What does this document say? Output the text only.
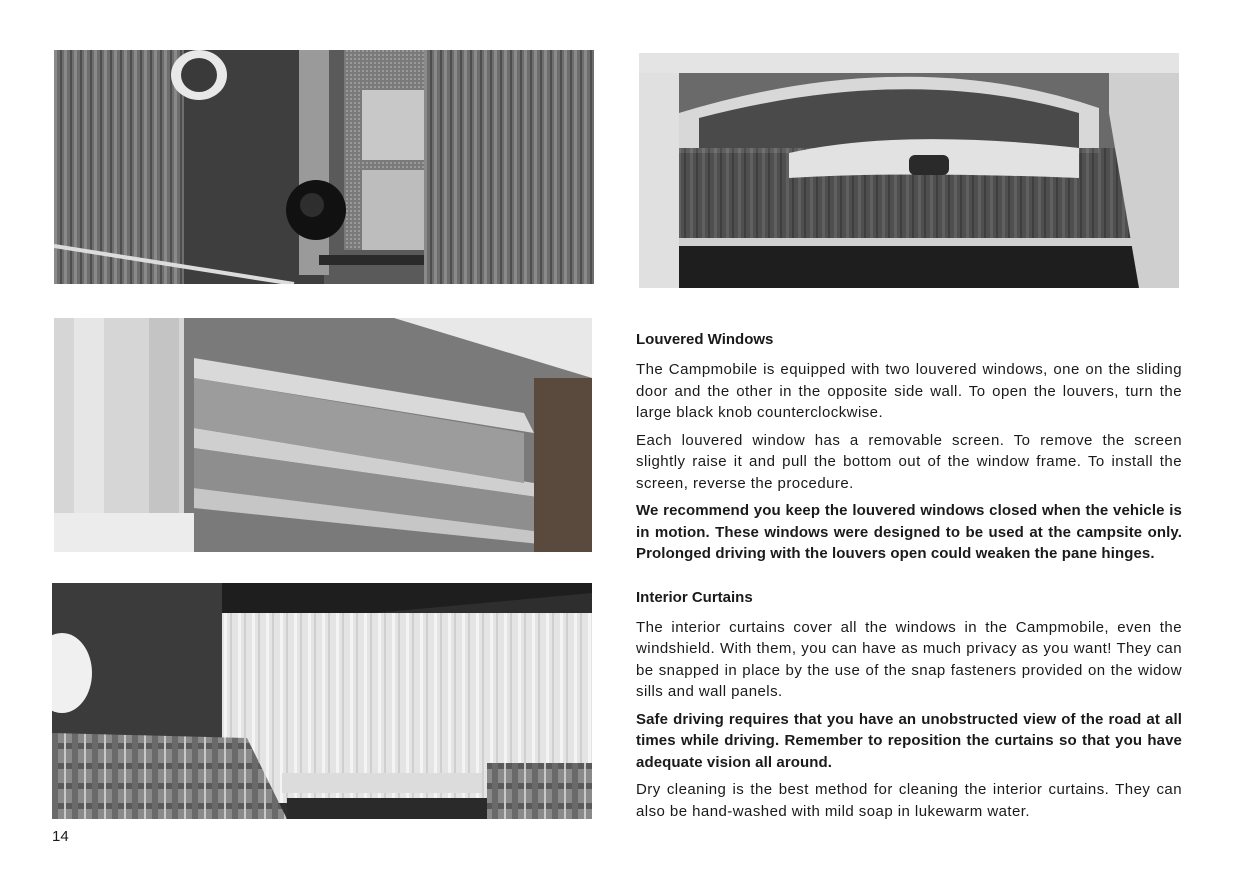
Louvered Windows

The Campmobile is equipped with two louvered windows, one on the sliding door and the other in the opposite side wall. To open the louvers, turn the large black knob counterclockwise.

Each louvered window has a removable screen. To remove the screen slightly raise it and pull the bottom out of the window frame. To install the screen, reverse the procedure.

We recommend you keep the louvered windows closed when the vehicle is in motion. These windows were designed to be used at the campsite only. Prolonged driving with the louvers open could weaken the pane hinges.

Interior Curtains

The interior curtains cover all the windows in the Campmobile, even the windshield. With them, you can have as much privacy as you want! They can be snapped in place by the use of the snap fasteners provided on the widow sills and wall panels.

Safe driving requires that you have an unobstructed view of the road at all times while driving. Remember to reposition the curtains so that you have adequate vision all around.

Dry cleaning is the best method for cleaning the interior curtains. They can also be hand-washed with mild soap in lukewarm water.

14
